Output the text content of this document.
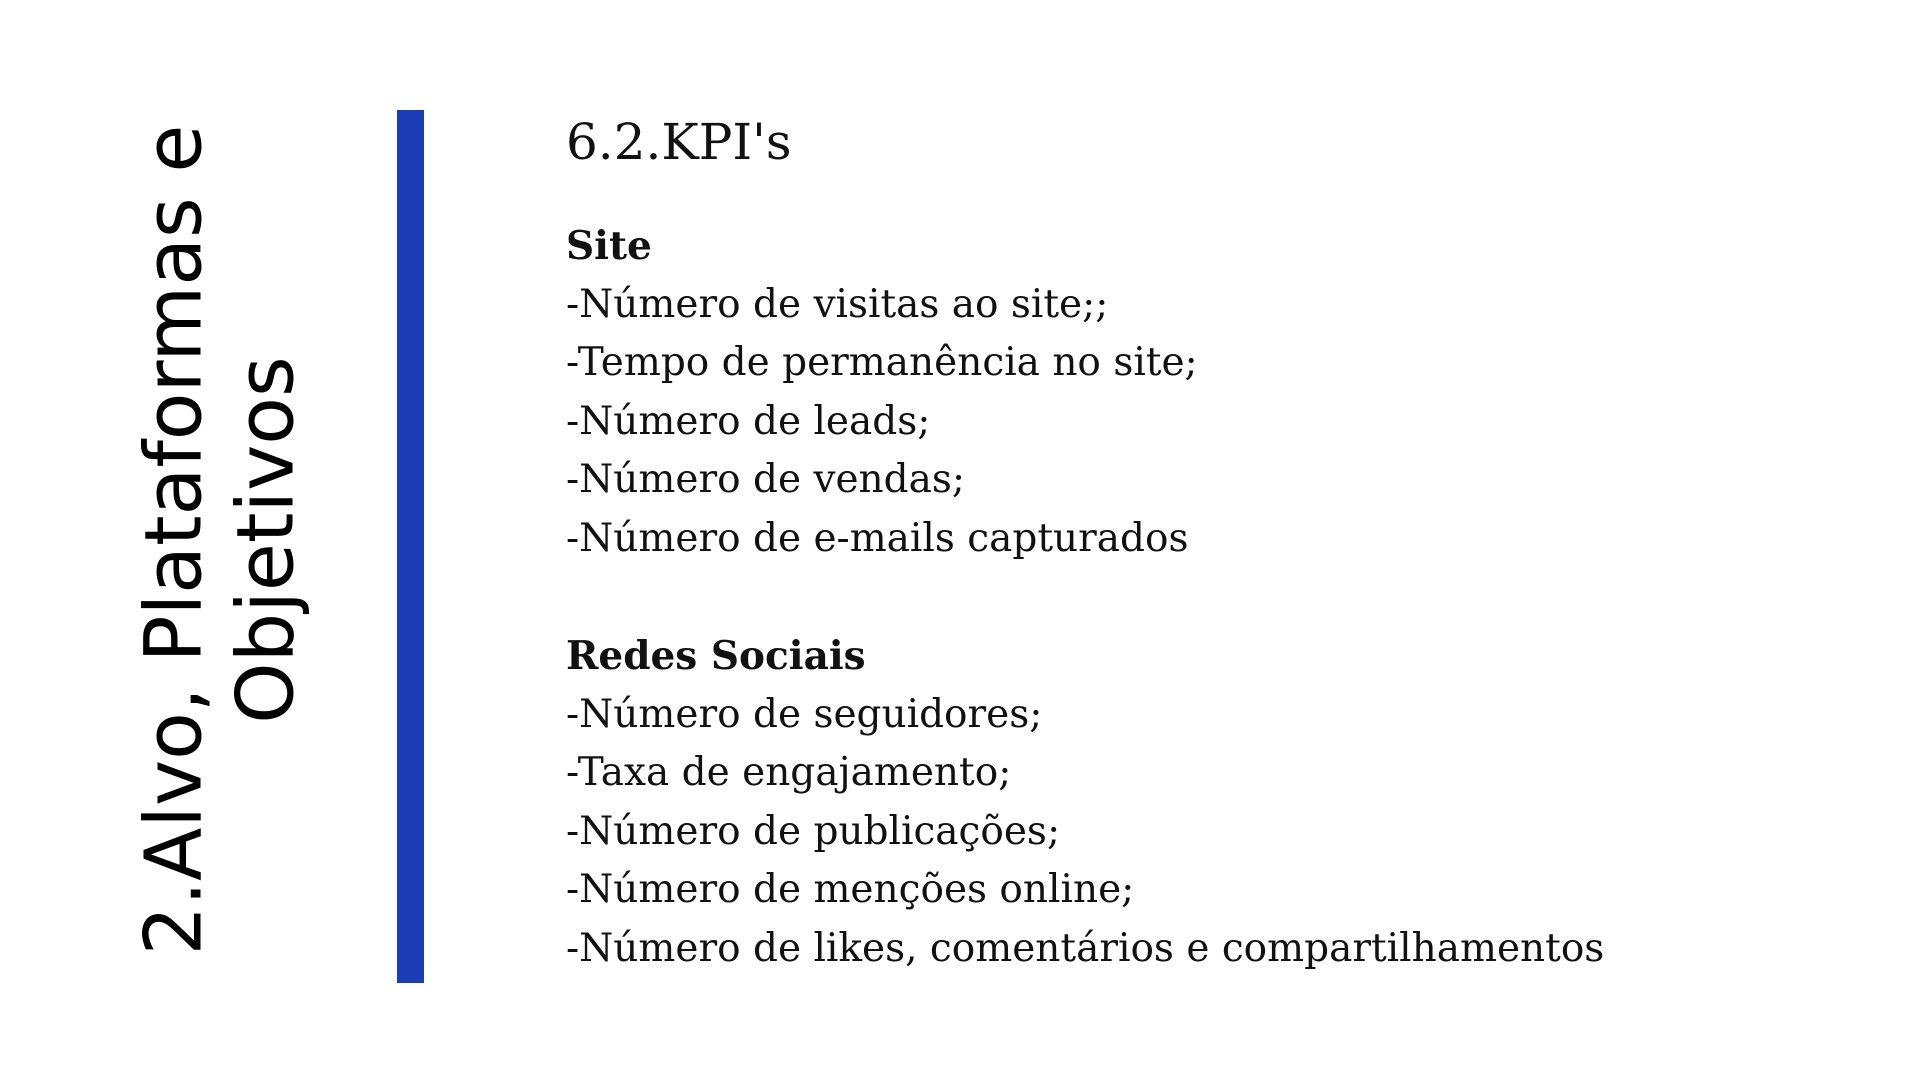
2.Alvo, Plataformas e Objetivos
6.2.KPI's
Site
-Número de visitas ao site;;
-Tempo de permanência no site;
-Número de leads;
-Número de vendas;
-Número de e-mails capturados
Redes Sociais
-Número de seguidores;
-Taxa de engajamento;
-Número de publicações;
-Número de menções online;
-Número de likes, comentários e compartilhamentos
